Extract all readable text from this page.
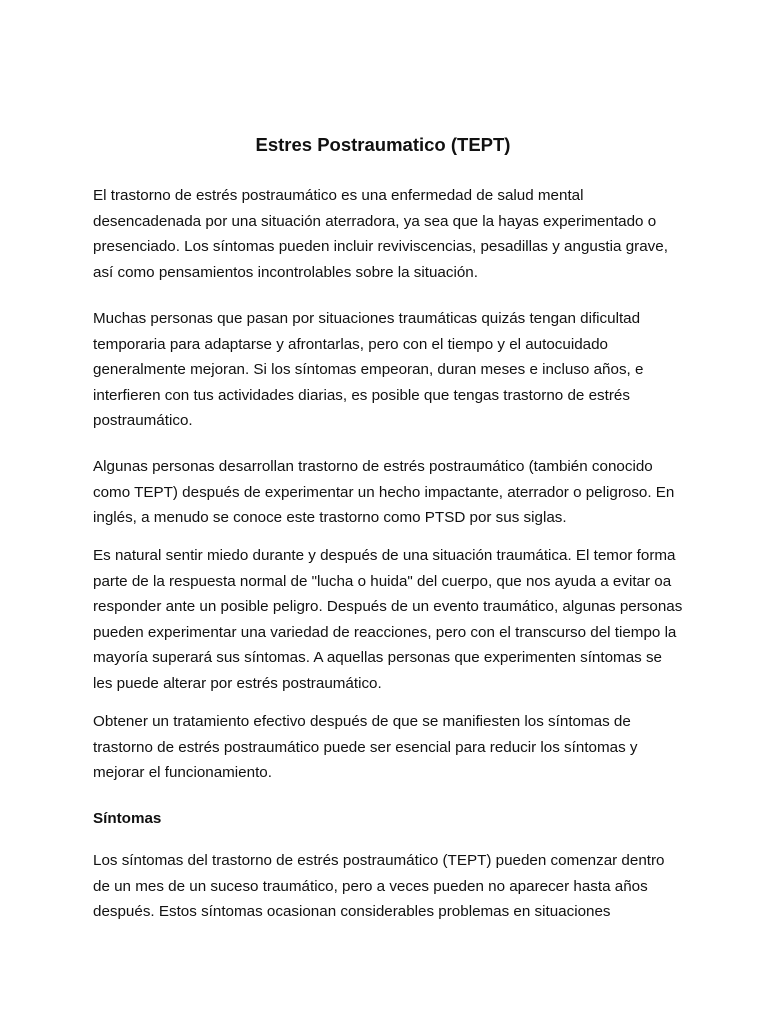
Estres Postraumatico (TEPT)

El trastorno de estrés postraumático es una enfermedad de salud mental desencadenada por una situación aterradora, ya sea que la hayas experimentado o presenciado. Los síntomas pueden incluir reviviscencias, pesadillas y angustia grave, así como pensamientos incontrolables sobre la situación.

Muchas personas que pasan por situaciones traumáticas quizás tengan dificultad temporaria para adaptarse y afrontarlas, pero con el tiempo y el autocuidado generalmente mejoran. Si los síntomas empeoran, duran meses e incluso años, e interfieren con tus actividades diarias, es posible que tengas trastorno de estrés postraumático.

Algunas personas desarrollan trastorno de estrés postraumático (también conocido como TEPT) después de experimentar un hecho impactante, aterrador o peligroso. En inglés, a menudo se conoce este trastorno como PTSD por sus siglas.

Es natural sentir miedo durante y después de una situación traumática. El temor forma parte de la respuesta normal de "lucha o huida" del cuerpo, que nos ayuda a evitar oa responder ante un posible peligro. Después de un evento traumático, algunas personas pueden experimentar una variedad de reacciones, pero con el transcurso del tiempo la mayoría superará sus síntomas. A aquellas personas que experimenten síntomas se les puede alterar por estrés postraumático.

Obtener un tratamiento efectivo después de que se manifiesten los síntomas de trastorno de estrés postraumático puede ser esencial para reducir los síntomas y mejorar el funcionamiento.

Síntomas

Los síntomas del trastorno de estrés postraumático (TEPT) pueden comenzar dentro de un mes de un suceso traumático, pero a veces pueden no aparecer hasta años después. Estos síntomas ocasionan considerables problemas en situaciones
